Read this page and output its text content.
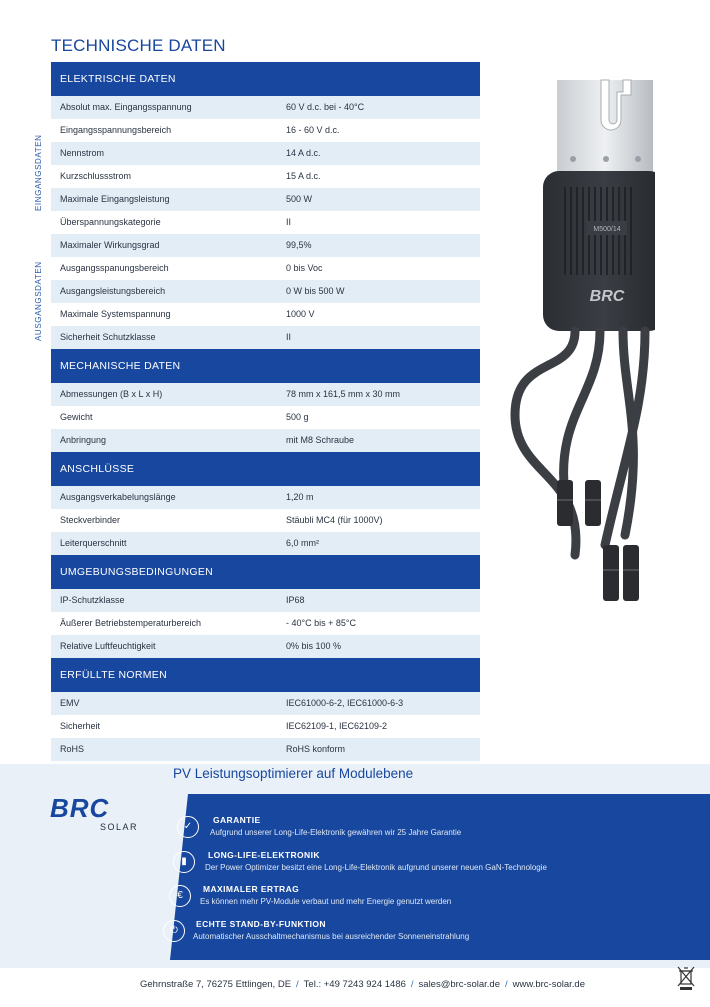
TECHNISCHE DATEN
EINGANGSDATEN
AUSGANGSDATEN
ELEKTRISCHE DATEN
Absolut max. Eingangsspannung	60 V d.c. bei - 40°C
Eingangsspannungsbereich	16 - 60 V d.c.
Nennstrom	14 A d.c.
Kurzschlussstrom	15 A d.c.
Maximale Eingangsleistung	500 W
Überspannungskategorie	II
Maximaler Wirkungsgrad	99,5%
Ausgangsspanungsbereich	0 bis Voc
Ausgangsleistungsbereich	0 W bis 500 W
Maximale Systemspannung	1000 V
Sicherheit Schutzklasse	II
MECHANISCHE DATEN
Abmessungen (B x L x H)	78 mm x 161,5 mm x 30 mm
Gewicht	500 g
Anbringung	mit M8 Schraube
ANSCHLÜSSE
Ausgangsverkabelungslänge	1,20 m
Steckverbinder	Stäubli MC4 (für 1000V)
Leiterquerschnitt	6,0 mm²
UMGEBUNGSBEDINGUNGEN
IP-Schutzklasse	IP68
Äußerer Betriebstemperaturbereich	- 40°C bis + 85°C
Relative Luftfeuchtigkeit	0% bis 100 %
ERFÜLLTE NORMEN
EMV	IEC61000-6-2, IEC61000-6-3
Sicherheit	IEC62109-1, IEC62109-2
RoHS	RoHS konform
M500/14
BRC
PV Leistungsoptimierer auf Modulebene
BRC
SOLAR	✓
GARANTIE
Aufgrund unserer Long-Life-Elektronik gewähren wir 25 Jahre Garantie
▮
LONG-LIFE-ELEKTRONIK
Der Power Optimizer besitzt eine Long-Life-Elektronik aufgrund unserer neuen GaN-Technologie
€
MAXIMALER ERTRAG
Es können mehr PV-Module verbaut und mehr Energie genutzt werden
⏻
ECHTE STAND-BY-FUNKTION
Automatischer Ausschaltmechanismus bei ausreichender Sonneneinstrahlung
Gehrnstraße 7, 76275 Ettlingen, DE / Tel.: +49 7243 924 1486 / sales@brc-solar.de / www.brc-solar.de
